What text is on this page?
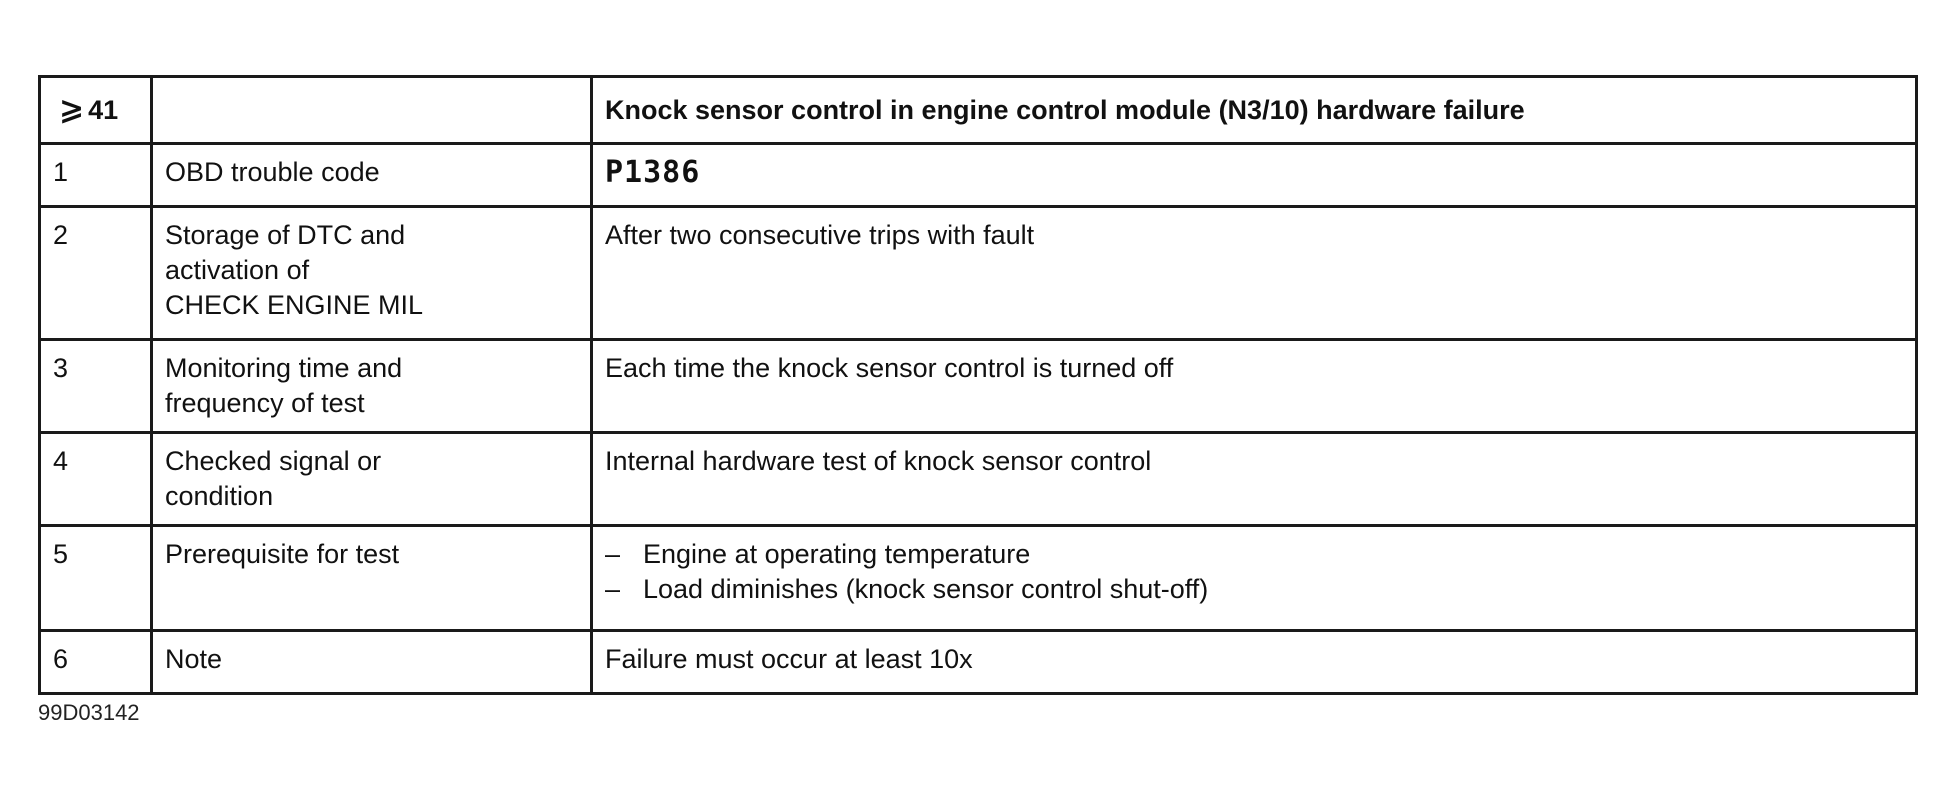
⩾ 41		Knock sensor control in engine control module (N3/10) hardware failure
1	OBD trouble code	P1386
2	Storage of DTC and
activation of
CHECK ENGINE MIL	After two consecutive trips with fault
3	Monitoring time and
frequency of test	Each time the knock sensor control is turned off
4	Checked signal or
condition	Internal hardware test of knock sensor control
5	Prerequisite for test	– Engine at operating temperature
– Load diminishes (knock sensor control shut-off)

6	Note	Failure must occur at least 10x
99D03142
